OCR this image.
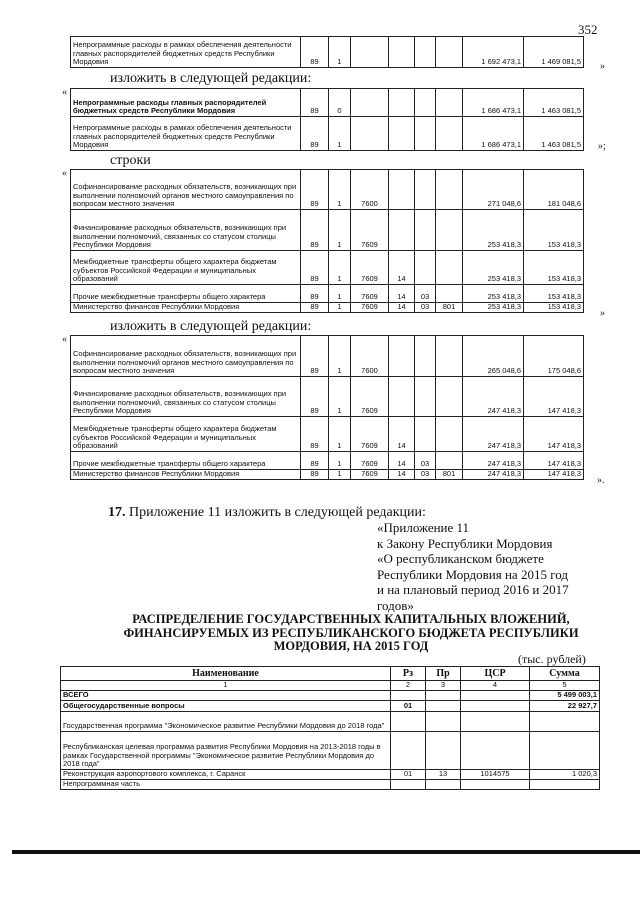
352
Непрограммные расходы в рамках обеспечения деятельности главных распорядителей бюджетных средств Республики Мордовия	89	1					1 692 473,1	1 469 081,5 »
изложить в следующей редакции:
«
Непрограммные расходы главных распорядителей бюджетных средств Республики Мордовия	89	0					1 686 473,1	1 463 081,5
Непрограммные расходы в рамках обеспечения деятельности главных распорядителей бюджетных средств Республики Мордовия	89	1					1 686 473,1	1 463 081,5 »;
строки
«
Софинансирование расходных обязательств, возникающих при выполнении полномочий органов местного самоуправления по вопросам местного значения	89	1	7600				271 048,6	181 048,6
Финансирование расходных обязательств, возникающих при выполнении полномочий, связанных со статусом столицы Республики Мордовия	89	1	7609				253 418,3	153 418,3
Межбюджетные трансферты общего характера бюджетам субъектов Российской Федерации и муниципальных образований	89	1	7609	14			253 418,3	153 418,3
Прочие межбюджетные трансферты общего характера	89	1	7609	14	03		253 418,3	153 418,3
Министерство финансов Республики Мордовия	89	1	7609	14	03	801	253 418,3	153 418,3
»
изложить в следующей редакции:
«
Софинансирование расходных обязательств, возникающих при выполнении полномочий органов местного самоуправления по вопросам местного значения	89	1	7600				265 048,6	175 048,6
Финансирование расходных обязательств, возникающих при выполнении полномочий, связанных со статусом столицы Республики Мордовия	89	1	7609				247 418,3	147 418,3
Межбюджетные трансферты общего характера бюджетам субъектов Российской Федерации и муниципальных образований	89	1	7609	14			247 418,3	147 418,3
Прочие межбюджетные трансферты общего характера	89	1	7609	14	03		247 418,3	147 418,3
Министерство финансов Республики Мордовия	89	1	7609	14	03	801	247 418,3	147 418,3
».
17. Приложение 11 изложить в следующей редакции:
«Приложение 11
к Закону Республики Мордовия
«О республиканском бюджете
Республики Мордовия на 2015 год
и на плановый период 2016 и 2017
годов»
РАСПРЕДЕЛЕНИЕ ГОСУДАРСТВЕННЫХ КАПИТАЛЬНЫХ ВЛОЖЕНИЙ,
ФИНАНСИРУЕМЫХ ИЗ РЕСПУБЛИКАНСКОГО БЮДЖЕТА РЕСПУБЛИКИ
МОРДОВИЯ, НА 2015 ГОД
(тыс. рублей)
Наименование	Рз	Пр	ЦСР	Сумма
1	2	3	4	5
ВСЕГО				5 499 003,1
Общегосударственные вопросы	01			22 927,7
Государственная программа "Экономическое развитие Республики Мордовия до 2018 года"				
Республиканская целевая программа развития Республики Мордовия на 2013-2018 годы в рамках Государственной программы "Экономическое развитие Республики Мордовия до 2018 года"				
Реконструкция аэропортового комплекса, г. Саранск	01	13	1014575	1 020,3
Непрограммная часть				
